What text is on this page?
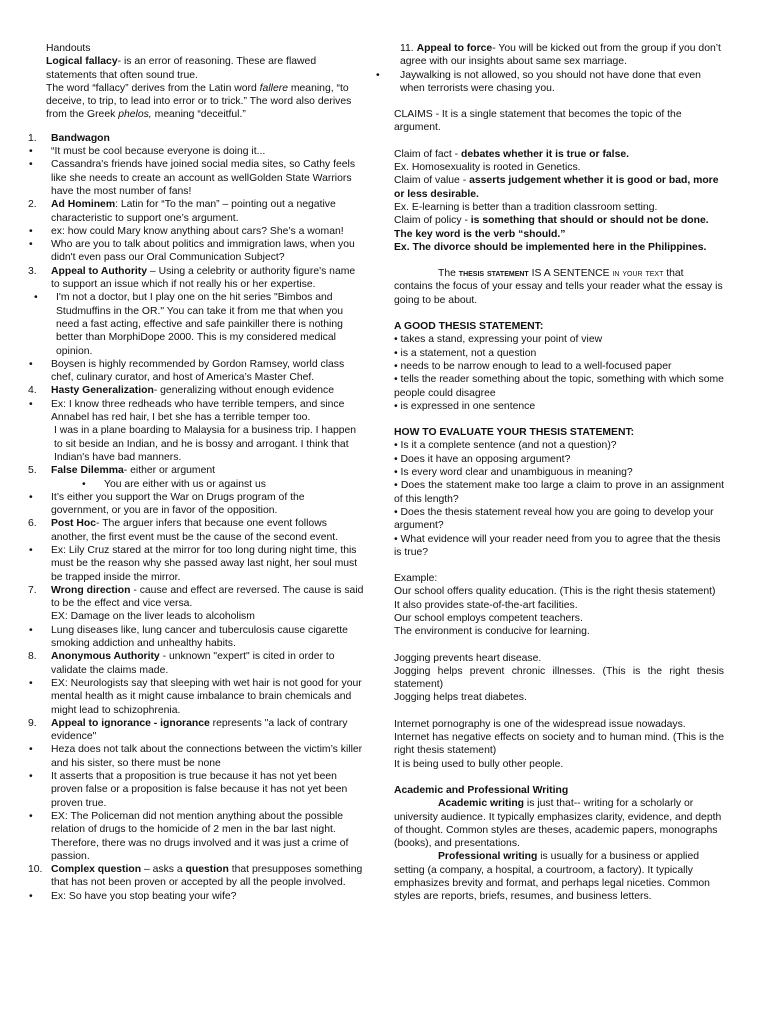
Handouts

Logical fallacy- is an error of reasoning. These are flawed statements that often sound true.

The word “fallacy” derives from the Latin word fallere meaning, “to deceive, to trip, to lead into error or to trick.” The word also derives from the Greek phelos, meaning “deceitful.”

1.	Bandwagon
•	“It must be cool because everyone is doing it...
•	Cassandra's friends have joined social media sites, so Cathy feels like she needs to create an account as wellGolden State Warriors have the most number of fans!
2.	Ad Hominem: Latin for “To the man” – pointing out a negative characteristic to support one’s argument.
•	ex: how could Mary know anything about cars? She’s a woman!
•	Who are you to talk about politics and immigration laws, when you didn't even pass our Oral Communication Subject?
3.	Appeal to Authority – Using a celebrity or authority figure's name to support an issue which if not really his or her expertise.
•	I'm not a doctor, but I play one on the hit series "Bimbos and Studmuffins in the OR." You can take it from me that when you need a fast acting, effective and safe painkiller there is nothing better than MorphiDope 2000. This is my considered medical opinion.
•	Boysen is highly recommended by Gordon Ramsey, world class chef, culinary curator, and host of America’s Master Chef.
4.	Hasty Generalization- generalizing without enough evidence
•	Ex: I know three redheads who have terrible tempers, and since Annabel has red hair, I bet she has a terrible temper too.

I was in a plane boarding to Malaysia for a business trip. I happen to sit beside an Indian, and he is bossy and arrogant. I think that Indian's have bad manners.

5.	False Dilemma- either or argument
•	You are either with us or against us
•	It’s either you support the War on Drugs program of the government, or you are in favor of the opposition.
6.	Post Hoc- The arguer infers that because one event follows another, the first event must be the cause of the second event.
•	Ex: Lily Cruz stared at the mirror for too long during night time, this must be the reason why she passed away last night, her soul must be trapped inside the mirror.
7.	Wrong direction - cause and effect are reversed. The cause is said to be the effect and vice versa.

EX: Damage on the liver leads to alcoholism

•	Lung diseases like, lung cancer and tuberculosis cause cigarette smoking addiction and unhealthy habits.
8.	Anonymous Authority - unknown "expert" is cited in order to validate the claims made.
•	EX: Neurologists say that sleeping with wet hair is not good for your mental health as it might cause imbalance to brain chemicals and might lead to schizophrenia.
9.	Appeal to ignorance - ignorance represents "a lack of contrary evidence"
•	Heza does not talk about the connections between the victim’s killer and his sister, so there must be none
•	It asserts that a proposition is true because it has not yet been proven false or a proposition is false because it has not yet been proven true.
•	EX: The Policeman did not mention anything about the possible relation of drugs to the homicide of 2 men in the bar last night. Therefore, there was no drugs involved and it was just a crime of passion.
10. Complex question – asks a question that presupposes something that has not been proven or accepted by all the people involved.
•	Ex: So have you stop beating your wife?
11. Appeal to force- You will be kicked out from the group if you don’t agree with our insights about same sex marriage.
•	Jaywalking is not allowed, so you should not have done that even when terrorists were chasing you.

CLAIMS - It is a single statement that becomes the topic of the argument.

Claim of fact - debates whether it is true or false.

Ex. Homosexuality is rooted in Genetics.

Claim of value - asserts judgement whether it is good or bad, more or less desirable.

Ex. E-learning is better than a tradition classroom setting.

Claim of policy - is something that should or should not be done. The key word is the verb “should.”

Ex. The divorce should be implemented here in the Philippines.

The thesis statement IS A SENTENCE in your text that contains the focus of your essay and tells your reader what the essay is going to be about.

A GOOD THESIS STATEMENT:

• takes a stand, expressing your point of view

• is a statement, not a question

• needs to be narrow enough to lead to a well-focused paper

• tells the reader something about the topic, something with which some people could disagree

• is expressed in one sentence

HOW TO EVALUATE YOUR THESIS STATEMENT:

• Is it a complete sentence (and not a question)?

• Does it have an opposing argument?

• Is every word clear and unambiguous in meaning?

• Does the statement make too large a claim to prove in an assignment of this length?

• Does the thesis statement reveal how you are going to develop your argument?

• What evidence will your reader need from you to agree that the thesis is true?

Example:

Our school offers quality education. (This is the right thesis statement)

It also provides state-of-the-art facilities.

Our school employs competent teachers.

The environment is conducive for learning.

Jogging prevents heart disease.

Jogging helps prevent chronic illnesses. (This is the right thesis statement)

Jogging helps treat diabetes.

Internet pornography is one of the widespread issue nowadays.

Internet has negative effects on society and to human mind. (This is the right thesis statement)

It is being used to bully other people.

Academic and Professional Writing

Academic writing is just that-- writing for a scholarly or university audience. It typically emphasizes clarity, evidence, and depth of thought. Common styles are theses, academic papers, monographs (books), and presentations.

Professional writing is usually for a business or applied setting (a company, a hospital, a courtroom, a factory). It typically emphasizes brevity and format, and perhaps legal niceties. Common styles are reports, briefs, resumes, and business letters.
